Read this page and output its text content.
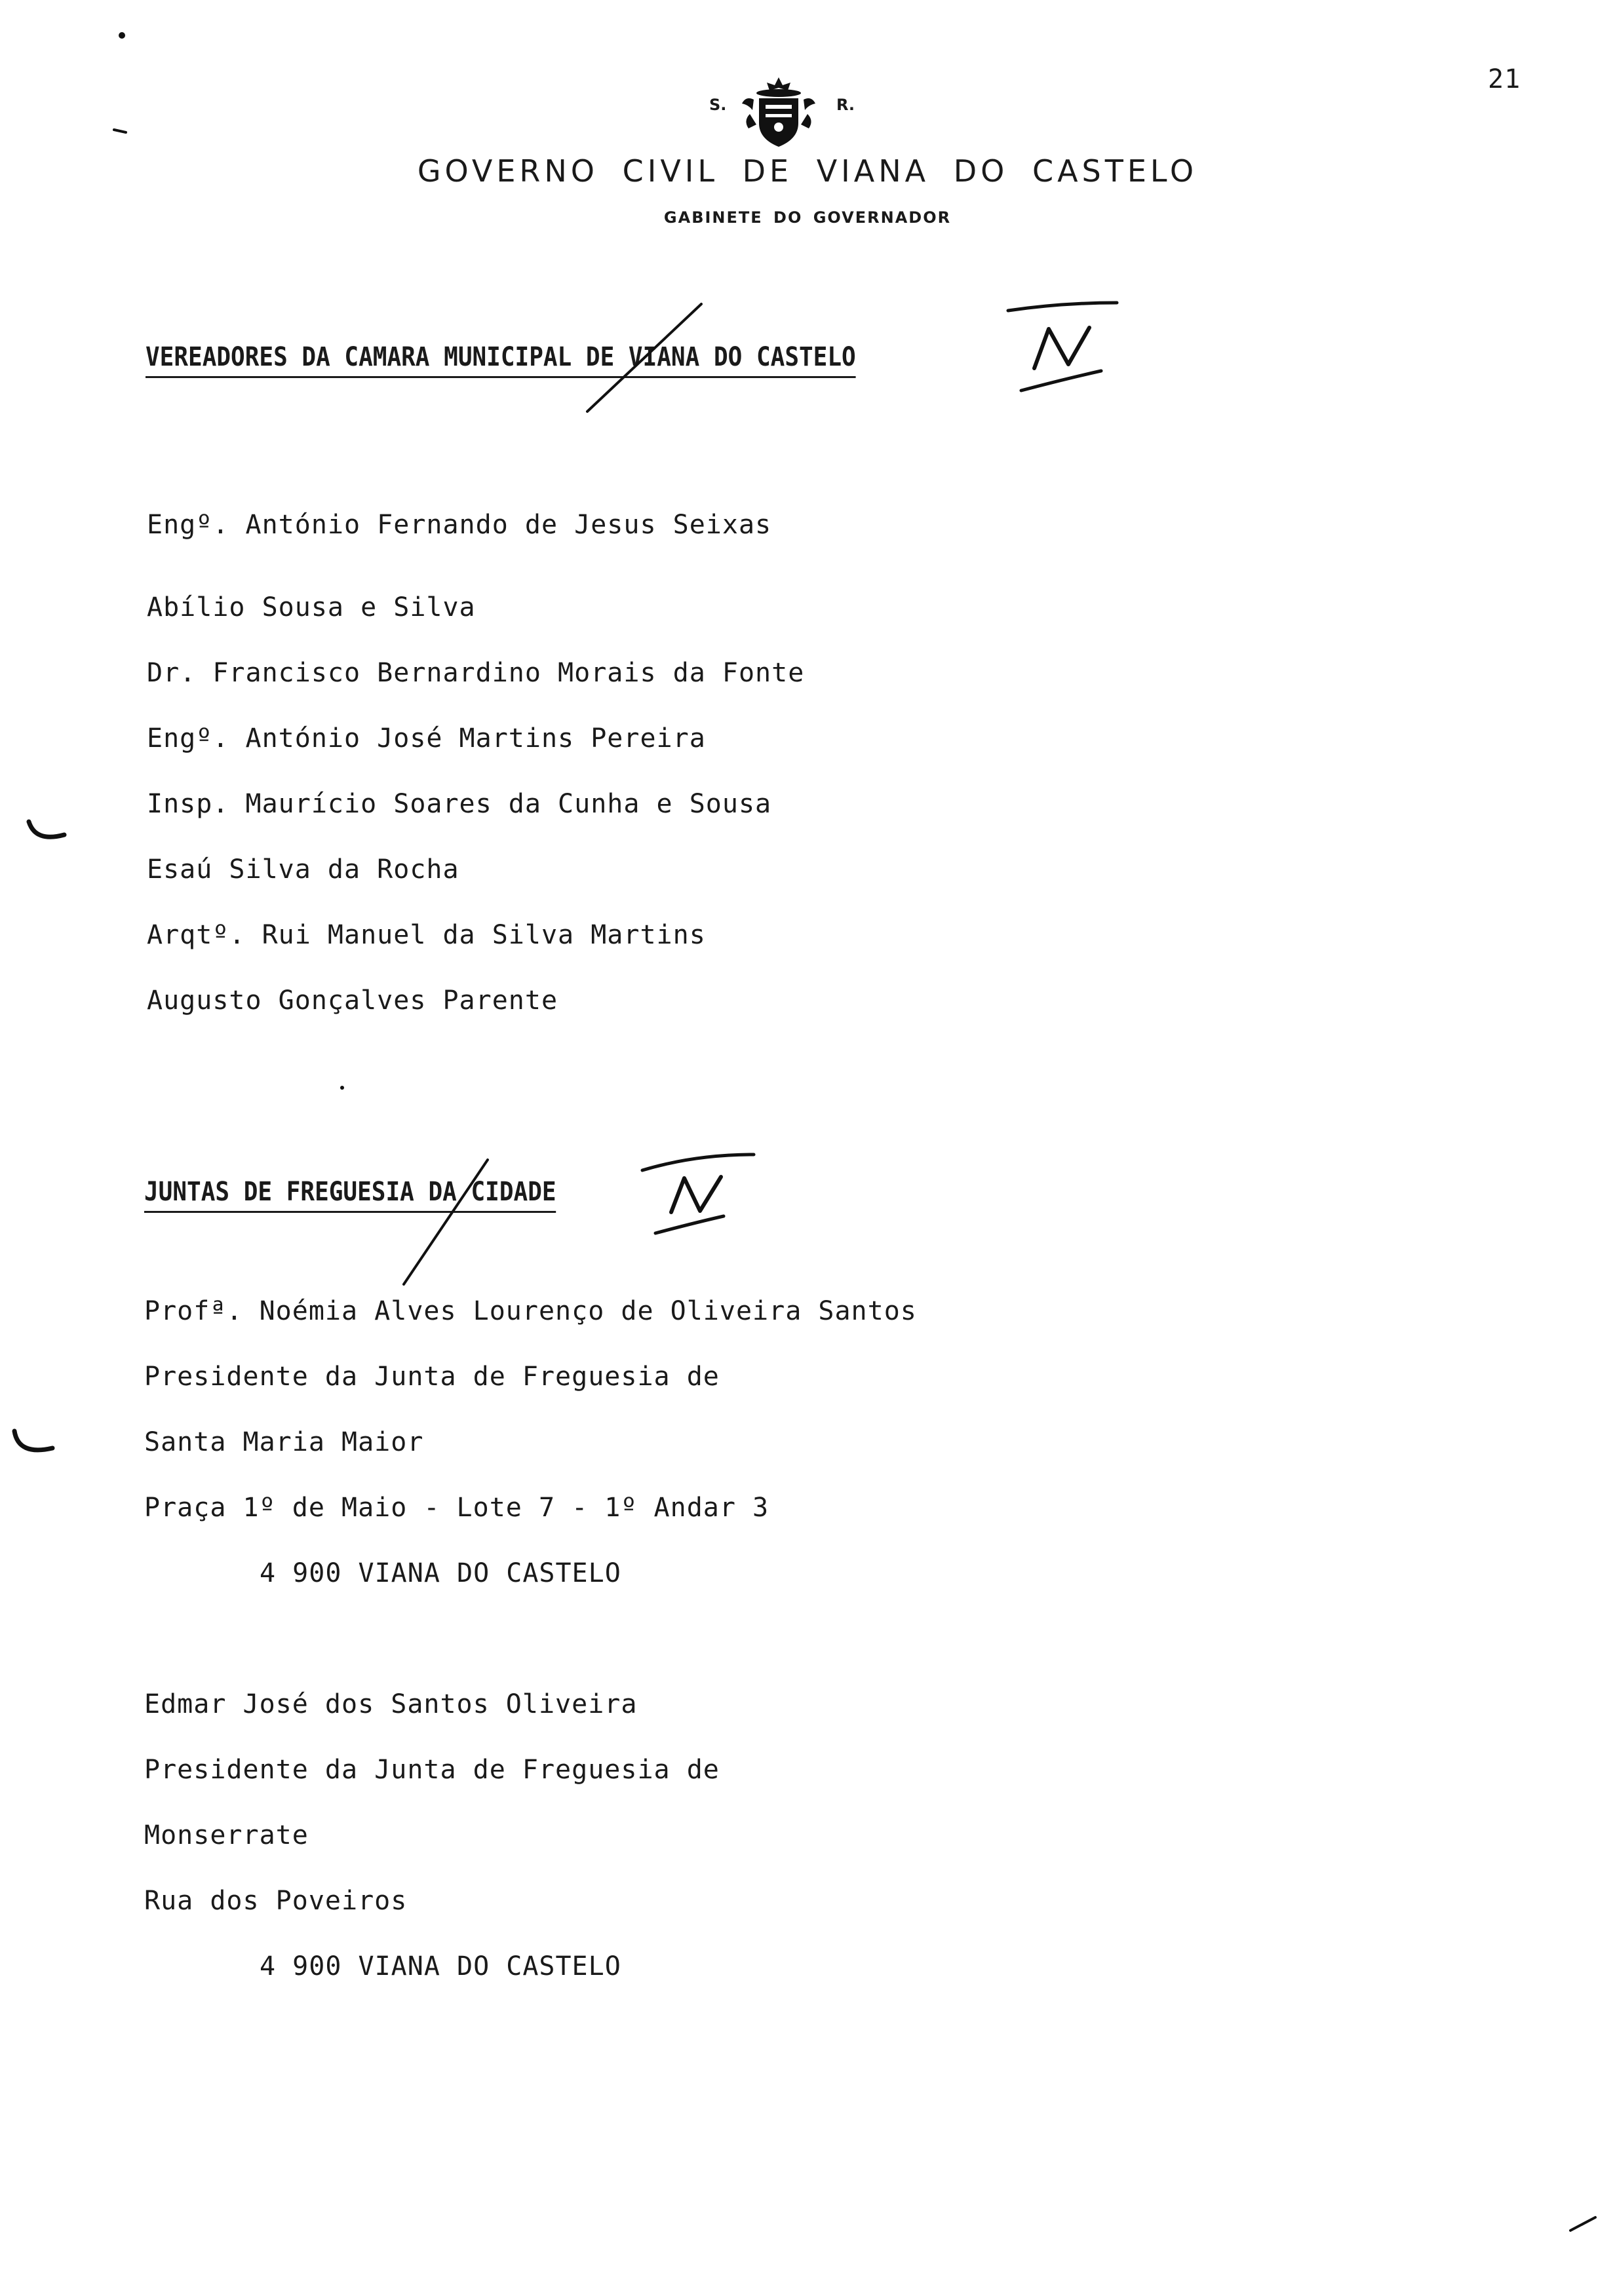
21
S.	R.
GOVERNO CIVIL DE VIANA DO CASTELO
GABINETE DO GOVERNADOR
VEREADORES DA CAMARA MUNICIPAL DE VIANA DO CASTELO
Engº. António Fernando de Jesus Seixas
Abílio Sousa e Silva
Dr. Francisco Bernardino Morais da Fonte
Engº. António José Martins Pereira
Insp. Maurício Soares da Cunha e Sousa
Esaú Silva da Rocha
Arqtº. Rui Manuel da Silva Martins
Augusto Gonçalves Parente
JUNTAS DE FREGUESIA DA CIDADE
Profª. Noémia Alves Lourenço de Oliveira Santos
Presidente da Junta de Freguesia de
Santa Maria Maior
Praça 1º de Maio - Lote 7 - 1º Andar 3
4 900 VIANA DO CASTELO
Edmar José dos Santos Oliveira
Presidente da Junta de Freguesia de
Monserrate
Rua dos Poveiros
4 900 VIANA DO CASTELO
